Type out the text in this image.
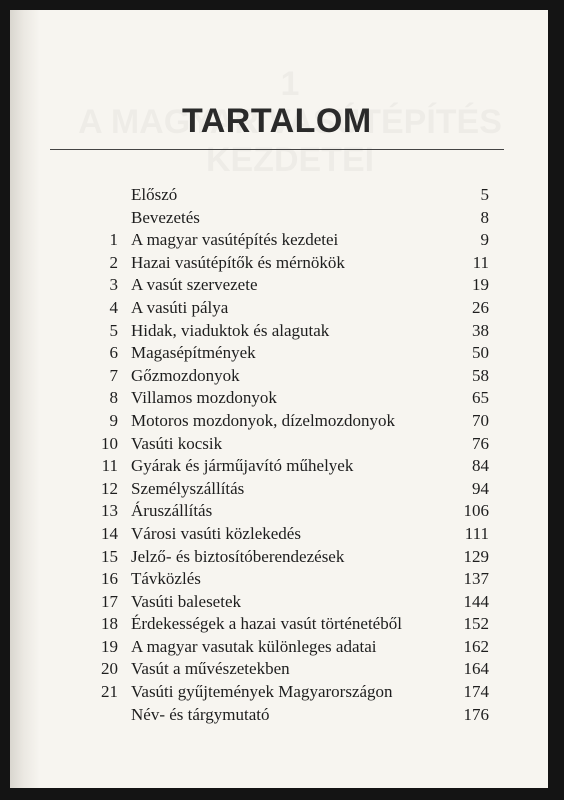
TARTALOM
Előszó	5
Bevezetés	8
1 A magyar vasútépítés kezdetei	9
2 Hazai vasútépítők és mérnökök	11
3 A vasút szervezete	19
4 A vasúti pálya	26
5 Hidak, viaduktok és alagutak	38
6 Magasépítmények	50
7 Gőzmozdonyok	58
8 Villamos mozdonyok	65
9 Motoros mozdonyok, dízelmozdonyok	70
10 Vasúti kocsik	76
11 Gyárak és járműjavító műhelyek	84
12 Személyszállítás	94
13 Áruszállítás	106
14 Városi vasúti közlekedés	111
15 Jelző- és biztosítóberendezések	129
16 Távközlés	137
17 Vasúti balesetek	144
18 Érdekességek a hazai vasút történetéből	152
19 A magyar vasutak különleges adatai	162
20 Vasút a művészetekben	164
21 Vasúti gyűjtemények Magyarországon	174
Név- és tárgymutató	176
